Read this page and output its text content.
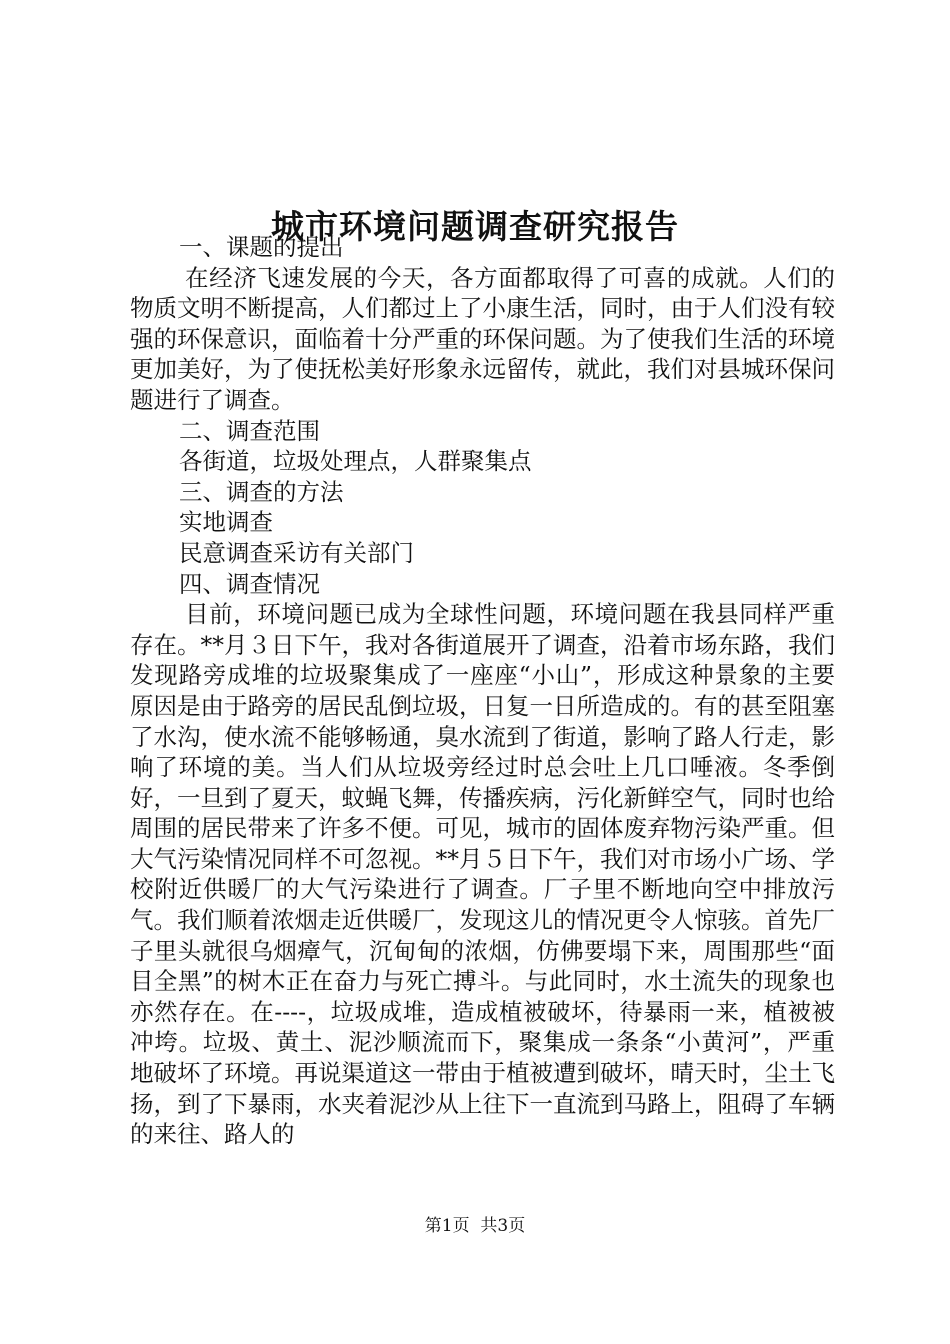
城市环境问题调查研究报告

一、课题的提出

在经济飞速发展的今天，各方面都取得了可喜的成就。人们的物质文明不断提高，人们都过上了小康生活，同时，由于人们没有较强的环保意识，面临着十分严重的环保问题。为了使我们生活的环境更加美好，为了使抚松美好形象永远留传，就此，我们对县城环保问题进行了调查。

二、调查范围

各街道，垃圾处理点，人群聚集点

三、调查的方法

实地调查

民意调查采访有关部门

四、调查情况

目前，环境问题已成为全球性问题，环境问题在我县同样严重存在。**月３日下午，我对各街道展开了调查，沿着市场东路，我们发现路旁成堆的垃圾聚集成了一座座“小山”，形成这种景象的主要原因是由于路旁的居民乱倒垃圾，日复一日所造成的。有的甚至阻塞了水沟，使水流不能够畅通，臭水流到了街道，影响了路人行走，影响了环境的美。当人们从垃圾旁经过时总会吐上几口唾液。冬季倒好，一旦到了夏天，蚊蝇飞舞，传播疾病，污化新鲜空气，同时也给周围的居民带来了许多不便。可见，城市的固体废弃物污染严重。但大气污染情况同样不可忽视。**月５日下午，我们对市场小广场、学校附近供暖厂的大气污染进行了调查。厂子里不断地向空中排放污气。我们顺着浓烟走近供暖厂，发现这儿的情况更令人惊骇。首先厂子里头就很乌烟瘴气，沉甸甸的浓烟，仿佛要塌下来，周围那些“面目全黑”的树木正在奋力与死亡搏斗。与此同时，水土流失的现象也亦然存在。在----，垃圾成堆，造成植被破坏，待暴雨一来，植被被冲垮。垃圾、黄土、泥沙顺流而下，聚集成一条条“小黄河”，严重地破坏了环境。再说渠道这一带由于植被遭到破坏，晴天时，尘土飞扬，到了下暴雨，水夹着泥沙从上往下一直流到马路上，阻碍了车辆的来往、路人的

第1页 共3页
